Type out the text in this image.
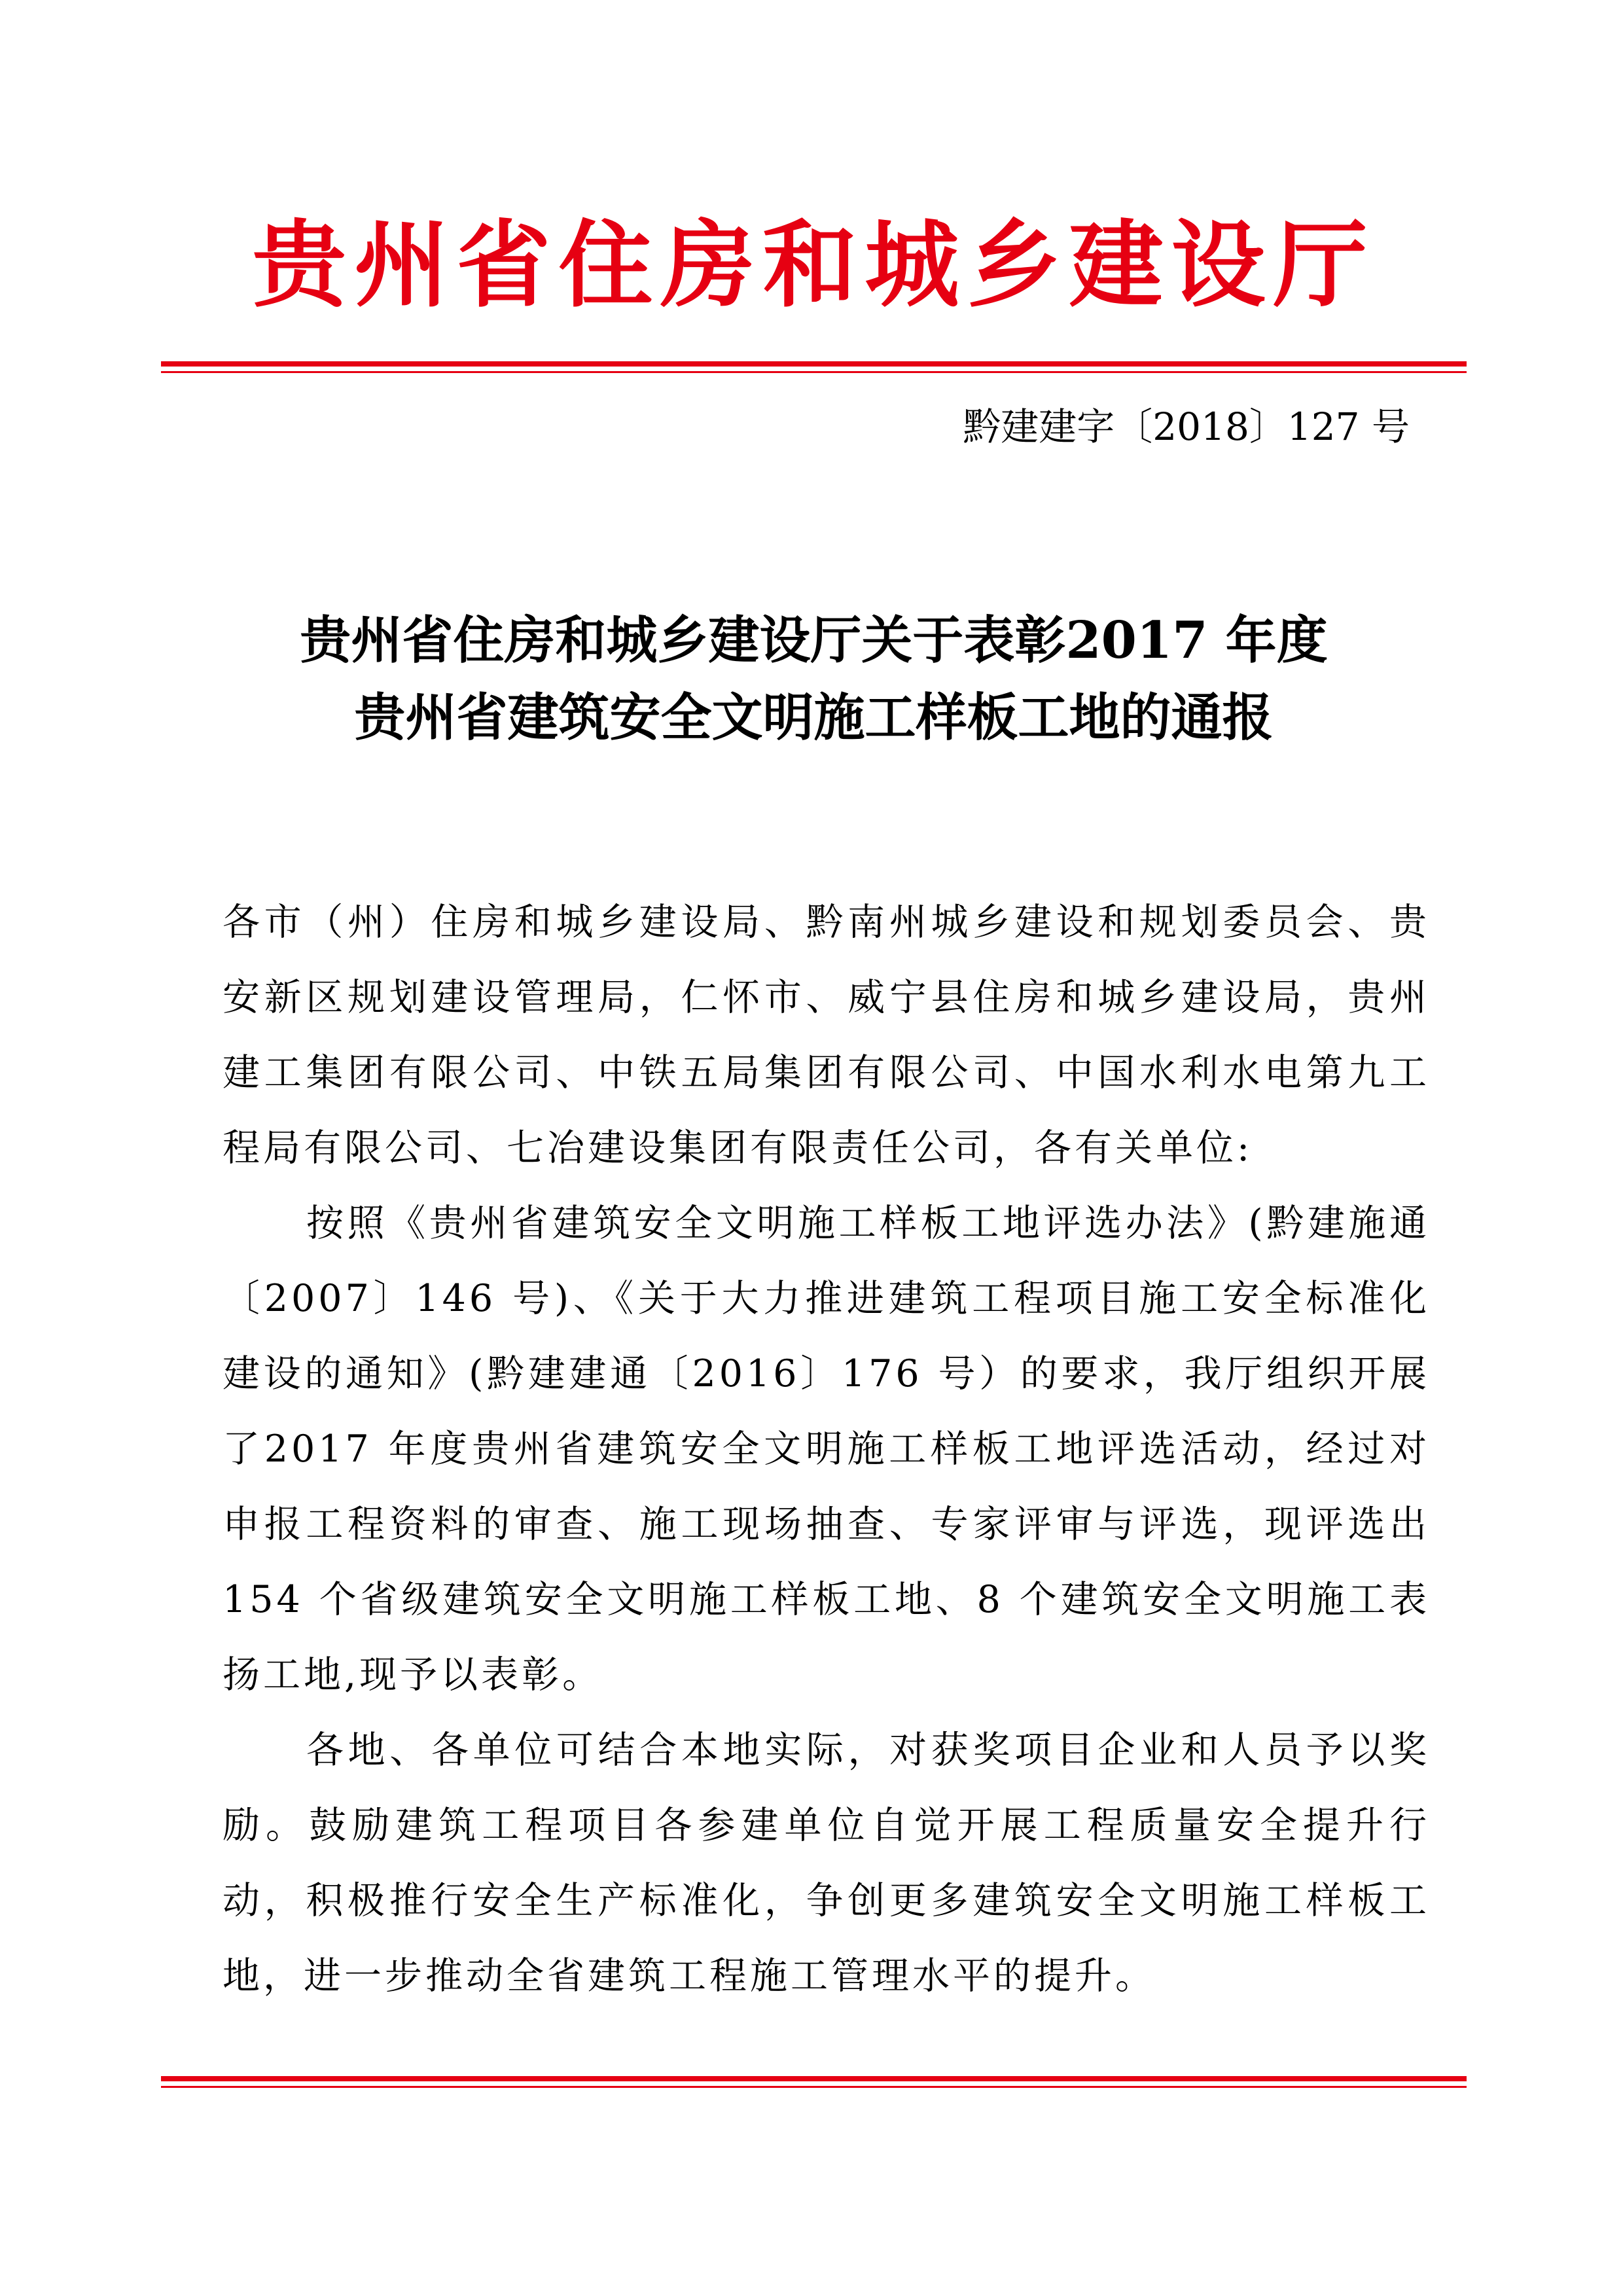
贵州省住房和城乡建设厅
黔建建字〔2018〕127 号
贵州省住房和城乡建设厅关于表彰2017 年度
贵州省建筑安全文明施工样板工地的通报

各市（州）住房和城乡建设局、黔南州城乡建设和规划委员会、贵安新区规划建设管理局，仁怀市、威宁县住房和城乡建设局，贵州建工集团有限公司、中铁五局集团有限公司、中国水利水电第九工程局有限公司、七冶建设集团有限责任公司，各有关单位:

按照《贵州省建筑安全文明施工样板工地评选办法》(黔建施通〔2007〕146 号)、《关于大力推进建筑工程项目施工安全标准化建设的通知》(黔建建通〔2016〕176 号）的要求，我厅组织开展了2017 年度贵州省建筑安全文明施工样板工地评选活动，经过对申报工程资料的审查、施工现场抽查、专家评审与评选，现评选出154 个省级建筑安全文明施工样板工地、8 个建筑安全文明施工表扬工地,现予以表彰。

各地、各单位可结合本地实际，对获奖项目企业和人员予以奖励。鼓励建筑工程项目各参建单位自觉开展工程质量安全提升行动，积极推行安全生产标准化，争创更多建筑安全文明施工样板工地，进一步推动全省建筑工程施工管理水平的提升。
